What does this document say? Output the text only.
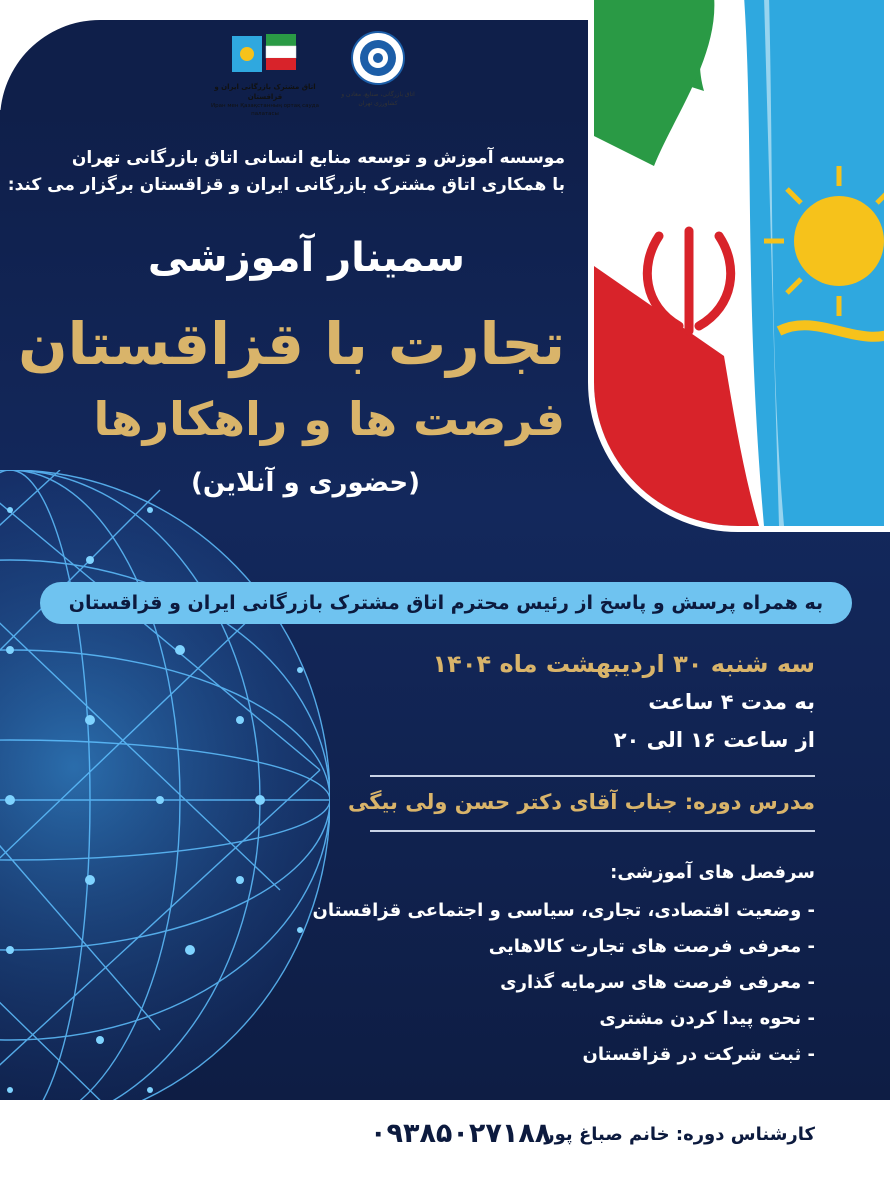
اتاق مشترک بازرگانی ایران و قزاقستان
Иран мен Қазақстанның ортақ сауда палатасы
اتاق بازرگانی، صنایع، معادن و کشاورزی تهران
موسسه آموزش و توسعه منابع انسانی اتاق بازرگانی تهران
با همکاری اتاق مشترک بازرگانی ایران و قزاقستان برگزار می کند:
سمینار آموزشی
تجارت با قزاقستان
فرصت ها و راهکارها
(حضوری و آنلاین)
به همراه پرسش و پاسخ از رئیس محترم اتاق مشترک بازرگانی ایران و قزاقستان
سه شنبه ۳۰ اردیبهشت ماه ۱۴۰۴
به مدت ۴ ساعت
از ساعت ۱۶ الی ۲۰
مدرس دوره: جناب آقای دکتر حسن ولی بیگی
سرفصل های آموزشی:
- وضعیت اقتصادی، تجاری، سیاسی و اجتماعی قزاقستان
- معرفی فرصت های تجارت کالاهایی
- معرفی فرصت های سرمایه گذاری
- نحوه پیدا کردن مشتری
- ثبت شرکت در قزاقستان
کارشناس دوره: خانم صباغ پور
۰۹۳۸۵۰۲۷۱۸۸
